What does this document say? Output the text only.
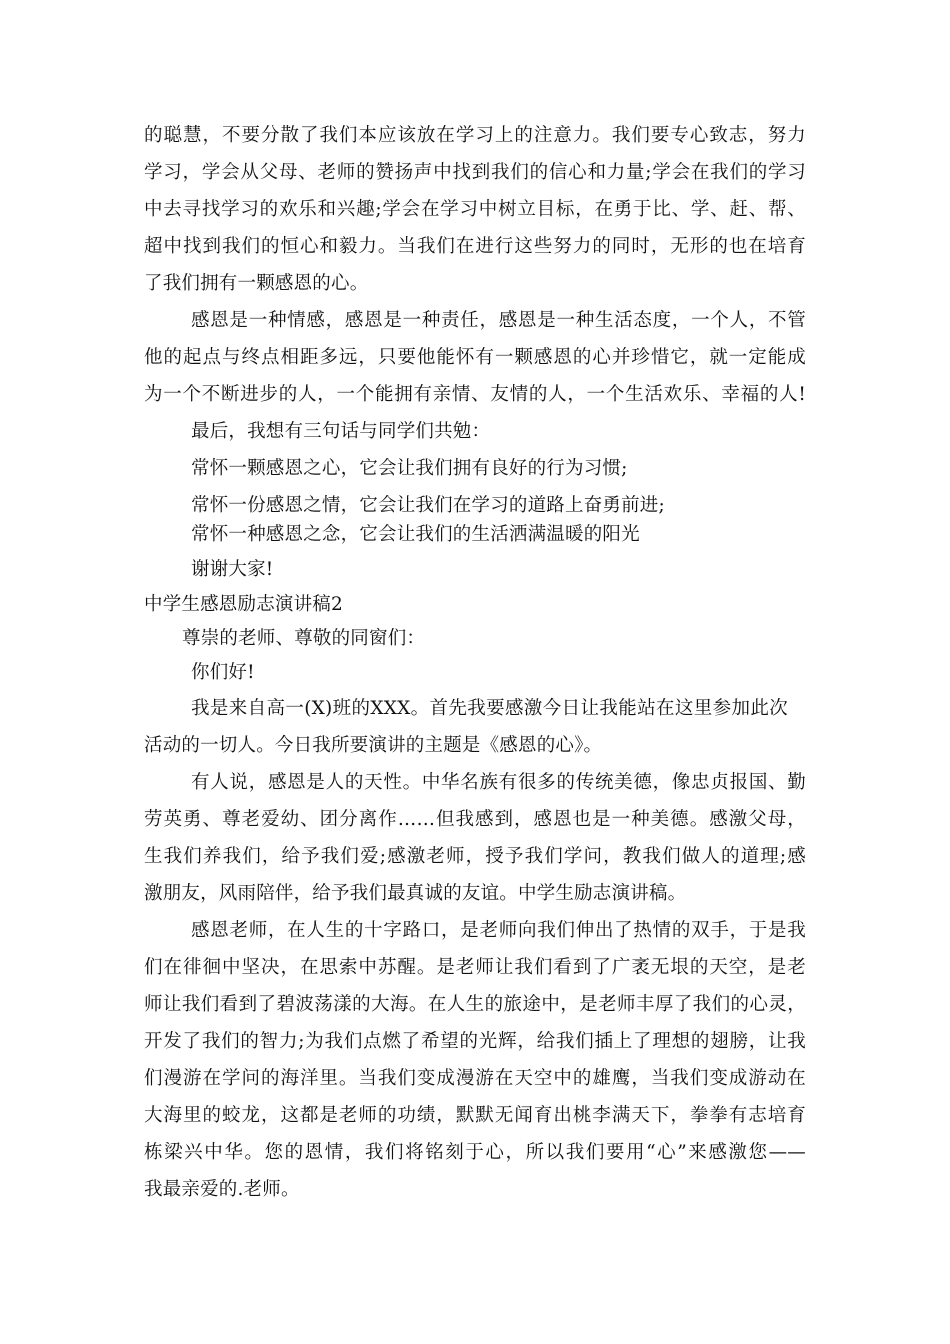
的聪慧，不要分散了我们本应该放在学习上的注意力。我们要专心致志，努力
学习，学会从父母、老师的赞扬声中找到我们的信心和力量;学会在我们的学习
中去寻找学习的欢乐和兴趣;学会在学习中树立目标，在勇于比、学、赶、帮、
超中找到我们的恒心和毅力。当我们在进行这些努力的同时，无形的也在培育
了我们拥有一颗感恩的心。
感恩是一种情感，感恩是一种责任，感恩是一种生活态度，一个人，不管
他的起点与终点相距多远，只要他能怀有一颗感恩的心并珍惜它，就一定能成
为一个不断进步的人，一个能拥有亲情、友情的人，一个生活欢乐、幸福的人!
最后，我想有三句话与同学们共勉：
常怀一颗感恩之心，它会让我们拥有良好的行为习惯;
常怀一份感恩之情，它会让我们在学习的道路上奋勇前进;
常怀一种感恩之念，它会让我们的生活洒满温暖的阳光
谢谢大家!
中学生感恩励志演讲稿2
尊崇的老师、尊敬的同窗们：
你们好!
我是来自高一(X)班的XXX。首先我要感激今日让我能站在这里参加此次
活动的一切人。今日我所要演讲的主题是《感恩的心》。
有人说，感恩是人的天性。中华名族有很多的传统美德，像忠贞报国、勤
劳英勇、尊老爱幼、团分离作……但我感到，感恩也是一种美德。感激父母，
生我们养我们，给予我们爱;感激老师，授予我们学问，教我们做人的道理;感
激朋友，风雨陪伴，给予我们最真诚的友谊。中学生励志演讲稿。
感恩老师，在人生的十字路口，是老师向我们伸出了热情的双手，于是我
们在徘徊中坚决，在思索中苏醒。是老师让我们看到了广袤无垠的天空，是老
师让我们看到了碧波荡漾的大海。在人生的旅途中，是老师丰厚了我们的心灵，
开发了我们的智力;为我们点燃了希望的光辉，给我们插上了理想的翅膀，让我
们漫游在学问的海洋里。当我们变成漫游在天空中的雄鹰，当我们变成游动在
大海里的蛟龙，这都是老师的功绩，默默无闻育出桃李满天下，拳拳有志培育
栋梁兴中华。您的恩情，我们将铭刻于心，所以我们要用“心”来感激您——
我最亲爱的.老师。
